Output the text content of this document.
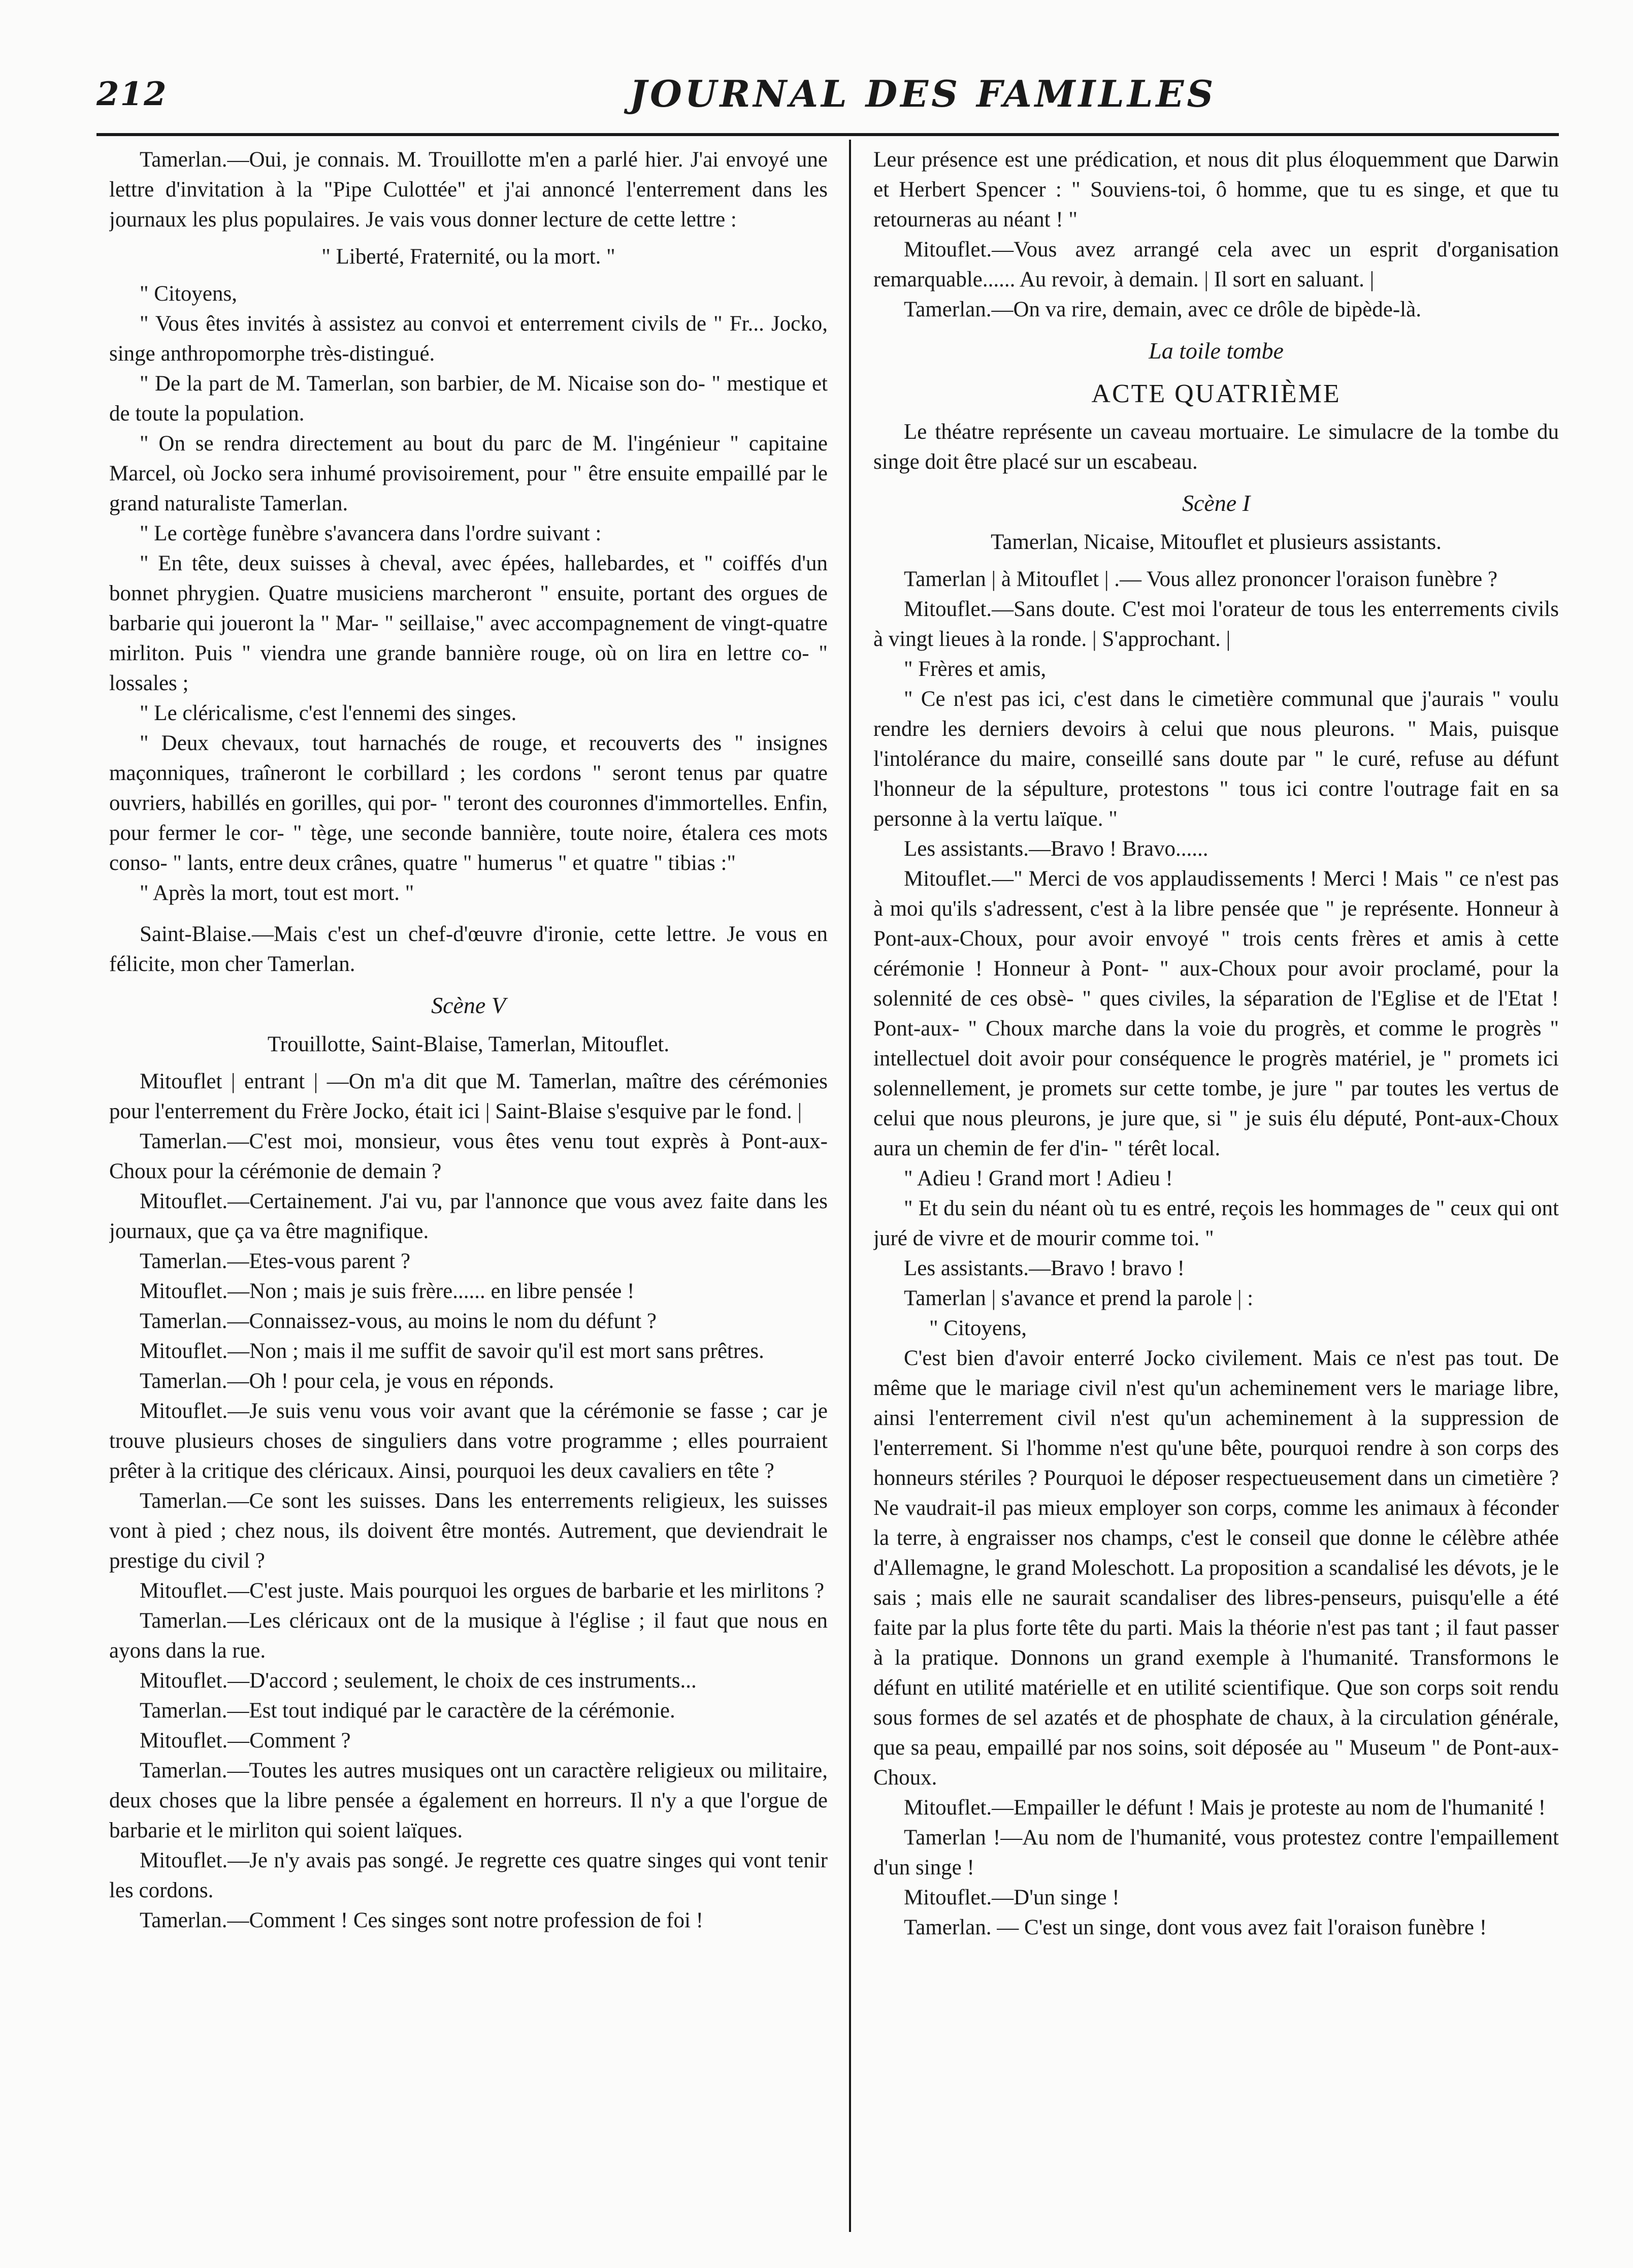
212	JOURNAL DES FAMILLES

Tamerlan.—Oui, je connais. M. Trouillotte m'en a parlé hier. J'ai envoyé une lettre d'invitation à la "Pipe Culottée" et j'ai annoncé l'enterrement dans les journaux les plus populaires. Je vais vous donner lecture de cette lettre :

" Liberté, Fraternité, ou la mort. "

" Citoyens,

" Vous êtes invités à assistez au convoi et enterrement civils de " Fr... Jocko, singe anthropomorphe très-distingué.

" De la part de M. Tamerlan, son barbier, de M. Nicaise son do- " mestique et de toute la population.

" On se rendra directement au bout du parc de M. l'ingénieur " capitaine Marcel, où Jocko sera inhumé provisoirement, pour " être ensuite empaillé par le grand naturaliste Tamerlan.

" Le cortège funèbre s'avancera dans l'ordre suivant :

" En tête, deux suisses à cheval, avec épées, hallebardes, et " coiffés d'un bonnet phrygien. Quatre musiciens marcheront " ensuite, portant des orgues de barbarie qui joueront la " Mar- " seillaise," avec accompagnement de vingt-quatre mirliton. Puis " viendra une grande bannière rouge, où on lira en lettre co- " lossales ;

" Le cléricalisme, c'est l'ennemi des singes.

" Deux chevaux, tout harnachés de rouge, et recouverts des " insignes maçonniques, traîneront le corbillard ; les cordons " seront tenus par quatre ouvriers, habillés en gorilles, qui por- " teront des couronnes d'immortelles. Enfin, pour fermer le cor- " tège, une seconde bannière, toute noire, étalera ces mots conso- " lants, entre deux crânes, quatre " humerus " et quatre " tibias :"

" Après la mort, tout est mort. "

Saint-Blaise.—Mais c'est un chef-d'œuvre d'ironie, cette lettre. Je vous en félicite, mon cher Tamerlan.

Scène V

Trouillotte, Saint-Blaise, Tamerlan, Mitouflet.

Mitouflet | entrant | —On m'a dit que M. Tamerlan, maître des cérémonies pour l'enterrement du Frère Jocko, était ici | Saint-Blaise s'esquive par le fond. |

Tamerlan.—C'est moi, monsieur, vous êtes venu tout exprès à Pont-aux-Choux pour la cérémonie de demain ?

Mitouflet.—Certainement. J'ai vu, par l'annonce que vous avez faite dans les journaux, que ça va être magnifique.

Tamerlan.—Etes-vous parent ?

Mitouflet.—Non ; mais je suis frère...... en libre pensée !

Tamerlan.—Connaissez-vous, au moins le nom du défunt ?

Mitouflet.—Non ; mais il me suffit de savoir qu'il est mort sans prêtres.

Tamerlan.—Oh ! pour cela, je vous en réponds.

Mitouflet.—Je suis venu vous voir avant que la cérémonie se fasse ; car je trouve plusieurs choses de singuliers dans votre programme ; elles pourraient prêter à la critique des cléricaux. Ainsi, pourquoi les deux cavaliers en tête ?

Tamerlan.—Ce sont les suisses. Dans les enterrements religieux, les suisses vont à pied ; chez nous, ils doivent être montés. Autrement, que deviendrait le prestige du civil ?

Mitouflet.—C'est juste. Mais pourquoi les orgues de barbarie et les mirlitons ?

Tamerlan.—Les cléricaux ont de la musique à l'église ; il faut que nous en ayons dans la rue.

Mitouflet.—D'accord ; seulement, le choix de ces instruments...

Tamerlan.—Est tout indiqué par le caractère de la cérémonie.

Mitouflet.—Comment ?

Tamerlan.—Toutes les autres musiques ont un caractère religieux ou militaire, deux choses que la libre pensée a également en horreurs. Il n'y a que l'orgue de barbarie et le mirliton qui soient laïques.

Mitouflet.—Je n'y avais pas songé. Je regrette ces quatre singes qui vont tenir les cordons.

Tamerlan.—Comment ! Ces singes sont notre profession de foi !

Leur présence est une prédication, et nous dit plus éloquemment que Darwin et Herbert Spencer : " Souviens-toi, ô homme, que tu es singe, et que tu retourneras au néant ! "

Mitouflet.—Vous avez arrangé cela avec un esprit d'organisation remarquable...... Au revoir, à demain. | Il sort en saluant. |

Tamerlan.—On va rire, demain, avec ce drôle de bipède-là.

La toile tombe

ACTE QUATRIÈME

Le théatre représente un caveau mortuaire. Le simulacre de la tombe du singe doit être placé sur un escabeau.

Scène I

Tamerlan, Nicaise, Mitouflet et plusieurs assistants.

Tamerlan | à Mitouflet | .— Vous allez prononcer l'oraison funèbre ?

Mitouflet.—Sans doute. C'est moi l'orateur de tous les enterrements civils à vingt lieues à la ronde. | S'approchant. |

" Frères et amis,

" Ce n'est pas ici, c'est dans le cimetière communal que j'aurais " voulu rendre les derniers devoirs à celui que nous pleurons. " Mais, puisque l'intolérance du maire, conseillé sans doute par " le curé, refuse au défunt l'honneur de la sépulture, protestons " tous ici contre l'outrage fait en sa personne à la vertu laïque. "

Les assistants.—Bravo ! Bravo......

Mitouflet.—" Merci de vos applaudissements ! Merci ! Mais " ce n'est pas à moi qu'ils s'adressent, c'est à la libre pensée que " je représente. Honneur à Pont-aux-Choux, pour avoir envoyé " trois cents frères et amis à cette cérémonie ! Honneur à Pont- " aux-Choux pour avoir proclamé, pour la solennité de ces obsè- " ques civiles, la séparation de l'Eglise et de l'Etat ! Pont-aux- " Choux marche dans la voie du progrès, et comme le progrès " intellectuel doit avoir pour conséquence le progrès matériel, je " promets ici solennellement, je promets sur cette tombe, je jure " par toutes les vertus de celui que nous pleurons, je jure que, si " je suis élu député, Pont-aux-Choux aura un chemin de fer d'in- " térêt local.

" Adieu ! Grand mort ! Adieu !

" Et du sein du néant où tu es entré, reçois les hommages de " ceux qui ont juré de vivre et de mourir comme toi. "

Les assistants.—Bravo ! bravo !

Tamerlan | s'avance et prend la parole | :

" Citoyens,

C'est bien d'avoir enterré Jocko civilement. Mais ce n'est pas tout. De même que le mariage civil n'est qu'un acheminement vers le mariage libre, ainsi l'enterrement civil n'est qu'un acheminement à la suppression de l'enterrement. Si l'homme n'est qu'une bête, pourquoi rendre à son corps des honneurs stériles ? Pourquoi le déposer respectueusement dans un cimetière ? Ne vaudrait-il pas mieux employer son corps, comme les animaux à féconder la terre, à engraisser nos champs, c'est le conseil que donne le célèbre athée d'Allemagne, le grand Moleschott. La proposition a scandalisé les dévots, je le sais ; mais elle ne saurait scandaliser des libres-penseurs, puisqu'elle a été faite par la plus forte tête du parti. Mais la théorie n'est pas tant ; il faut passer à la pratique. Donnons un grand exemple à l'humanité. Transformons le défunt en utilité matérielle et en utilité scientifique. Que son corps soit rendu sous formes de sel azatés et de phosphate de chaux, à la circulation générale, que sa peau, empaillé par nos soins, soit déposée au " Museum " de Pont-aux-Choux.

Mitouflet.—Empailler le défunt ! Mais je proteste au nom de l'humanité !

Tamerlan !—Au nom de l'humanité, vous protestez contre l'empaillement d'un singe !

Mitouflet.—D'un singe !

Tamerlan. — C'est un singe, dont vous avez fait l'oraison funèbre !
